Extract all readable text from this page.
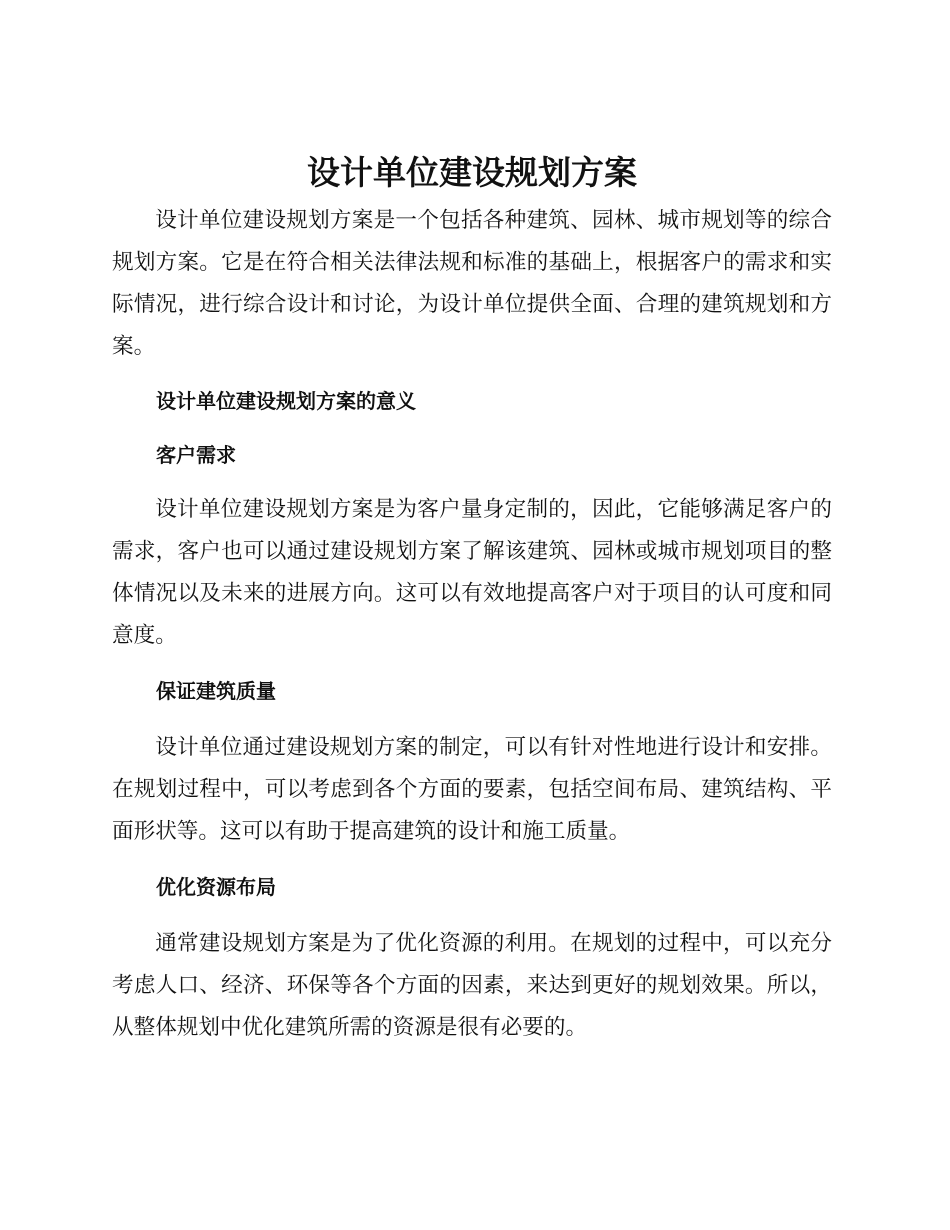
设计单位建设规划方案

设计单位建设规划方案是一个包括各种建筑、园林、城市规划等的综合规划方案。它是在符合相关法律法规和标准的基础上，根据客户的需求和实际情况，进行综合设计和讨论，为设计单位提供全面、合理的建筑规划和方案。

设计单位建设规划方案的意义
客户需求

设计单位建设规划方案是为客户量身定制的，因此，它能够满足客户的需求，客户也可以通过建设规划方案了解该建筑、园林或城市规划项目的整体情况以及未来的进展方向。这可以有效地提高客户对于项目的认可度和同意度。

保证建筑质量

设计单位通过建设规划方案的制定，可以有针对性地进行设计和安排。在规划过程中，可以考虑到各个方面的要素，包括空间布局、建筑结构、平面形状等。这可以有助于提高建筑的设计和施工质量。

优化资源布局

通常建设规划方案是为了优化资源的利用。在规划的过程中，可以充分考虑人口、经济、环保等各个方面的因素，来达到更好的规划效果。所以，从整体规划中优化建筑所需的资源是很有必要的。
